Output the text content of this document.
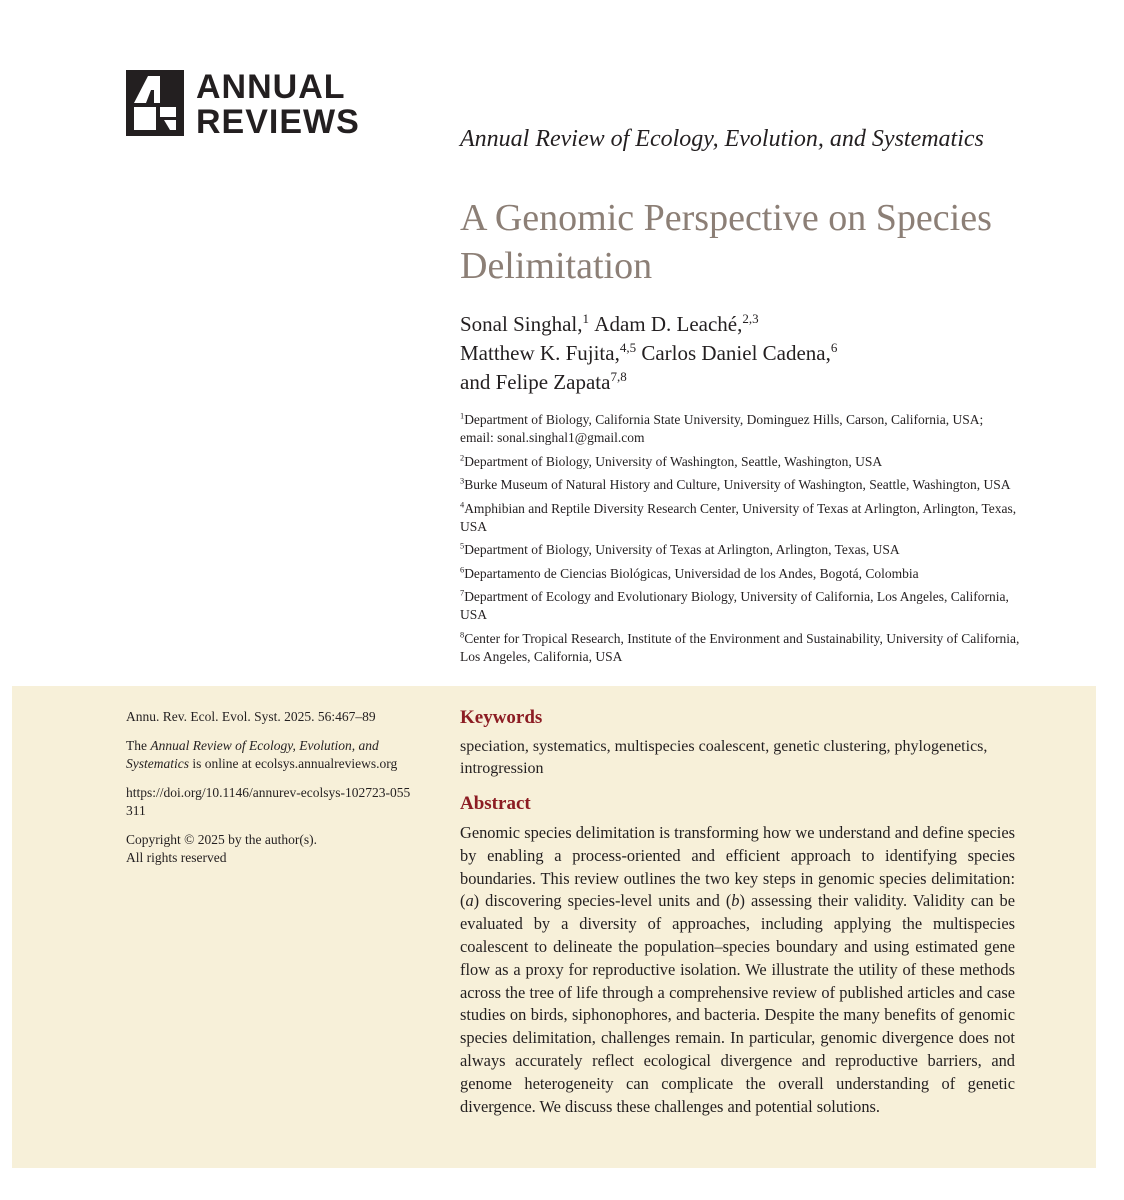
ANNUAL
REVIEWS	Annual Review of Ecology, Evolution, and Systematics

A Genomic Perspective on Species Delimitation

Sonal Singhal,$^1$ Adam D. Leaché,$^{2,3}$
Matthew K. Fujita,$^{4,5}$ Carlos Daniel Cadena,$^6$
and Felipe Zapata$^{7,8}$

$^1$Department of Biology, California State University, Dominguez Hills, Carson, California, USA; email: sonal.singhal1@gmail.com
$^2$Department of Biology, University of Washington, Seattle, Washington, USA
$^3$Burke Museum of Natural History and Culture, University of Washington, Seattle, Washington, USA
$^4$Amphibian and Reptile Diversity Research Center, University of Texas at Arlington, Arlington, Texas, USA
$^5$Department of Biology, University of Texas at Arlington, Arlington, Texas, USA
$^6$Departamento de Ciencias Biológicas, Universidad de los Andes, Bogotá, Colombia
$^7$Department of Ecology and Evolutionary Biology, University of California, Los Angeles, California, USA
$^8$Center for Tropical Research, Institute of the Environment and Sustainability, University of California, Los Angeles, California, USA

Annu. Rev. Ecol. Evol. Syst. 2025. 56:467–89

The Annual Review of Ecology, Evolution, and Systematics is online at ecolsys.annualreviews.org

https://doi.org/10.1146/annurev-ecolsys-102723-055311

Copyright © 2025 by the author(s).
All rights reserved

Keywords

speciation, systematics, multispecies coalescent, genetic clustering, phylogenetics, introgression

Abstract

Genomic species delimitation is transforming how we understand and define species by enabling a process-oriented and efficient approach to identifying species boundaries. This review outlines the two key steps in genomic species delimitation: (a) discovering species-level units and (b) assessing their validity. Validity can be evaluated by a diversity of approaches, including applying the multispecies coalescent to delineate the population–species boundary and using estimated gene flow as a proxy for reproductive isolation. We illustrate the utility of these methods across the tree of life through a comprehensive review of published articles and case studies on birds, siphonophores, and bacteria. Despite the many benefits of genomic species delimitation, challenges remain. In particular, genomic divergence does not always accurately reflect ecological divergence and reproductive barriers, and genome heterogeneity can complicate the overall understanding of genetic divergence. We discuss these challenges and potential solutions.
